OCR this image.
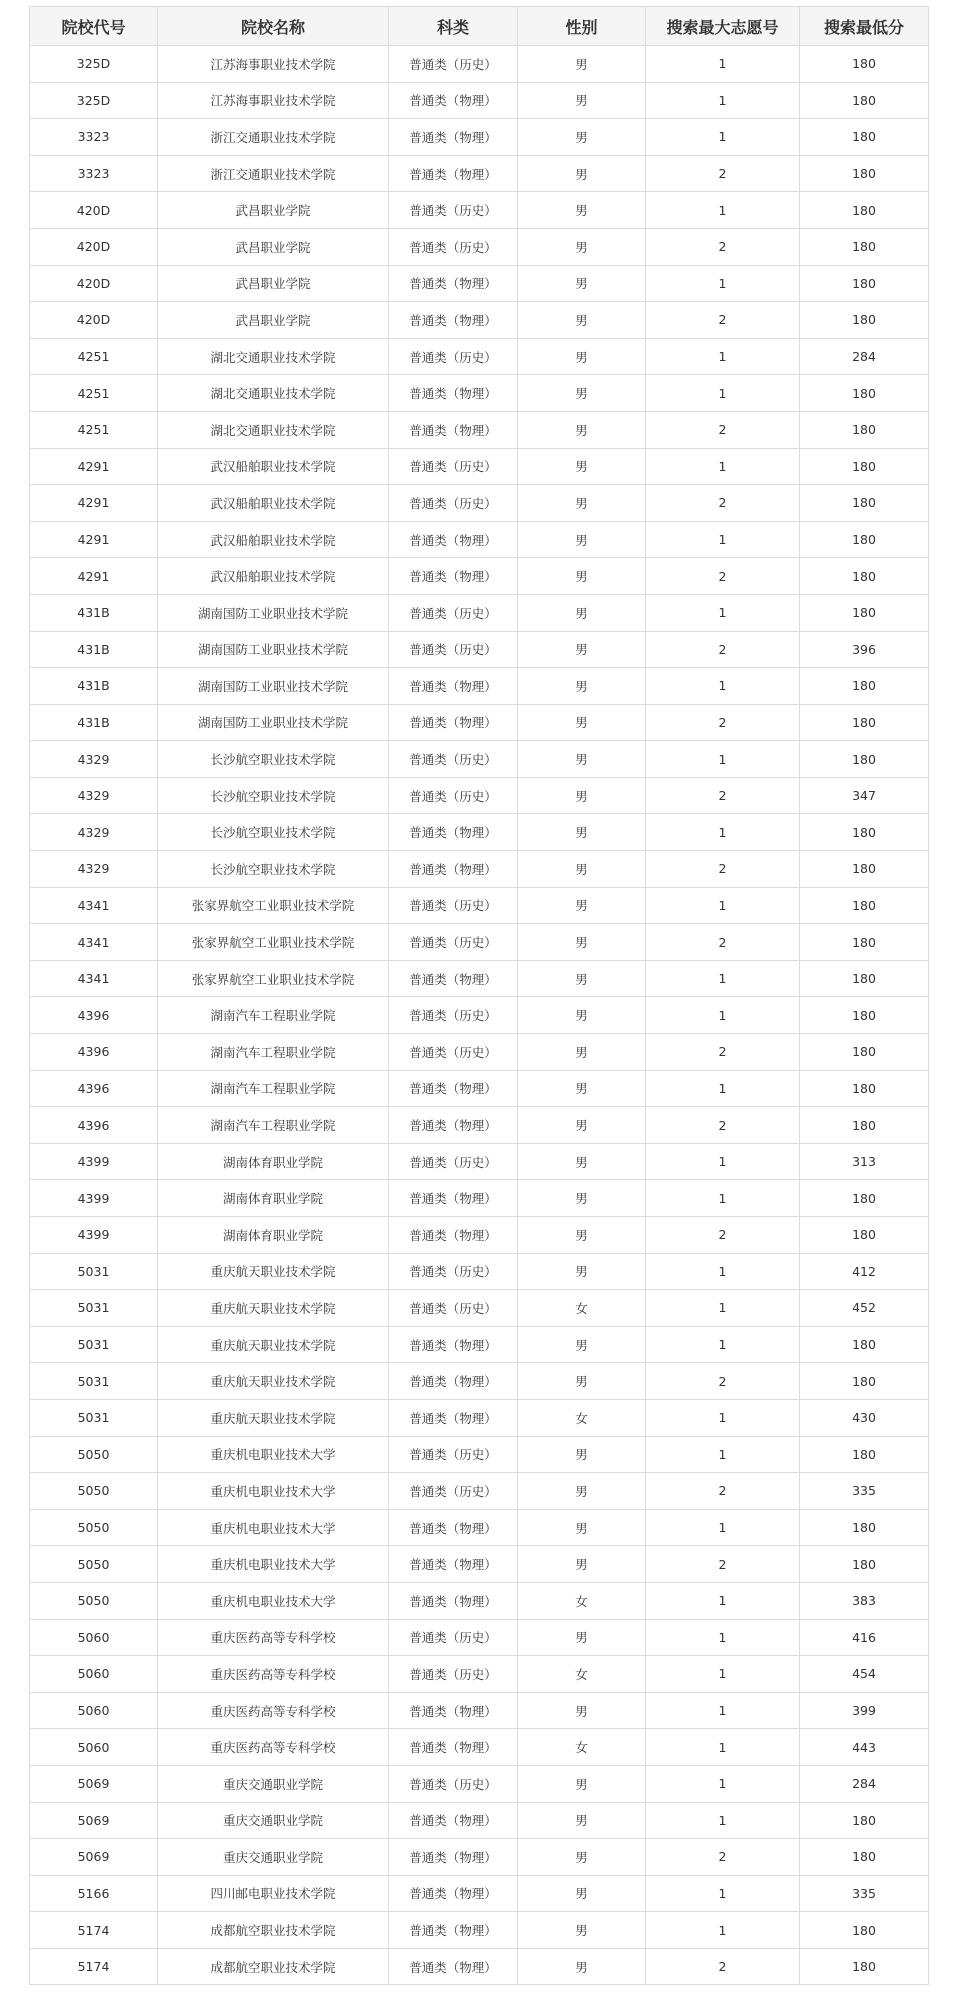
院校代号	院校名称	科类	性别	搜索最大志愿号	搜索最低分
325D	江苏海事职业技术学院	普通类（历史）	男	1	180
325D	江苏海事职业技术学院	普通类（物理）	男	1	180
3323	浙江交通职业技术学院	普通类（物理）	男	1	180
3323	浙江交通职业技术学院	普通类（物理）	男	2	180
420D	武昌职业学院	普通类（历史）	男	1	180
420D	武昌职业学院	普通类（历史）	男	2	180
420D	武昌职业学院	普通类（物理）	男	1	180
420D	武昌职业学院	普通类（物理）	男	2	180
4251	湖北交通职业技术学院	普通类（历史）	男	1	284
4251	湖北交通职业技术学院	普通类（物理）	男	1	180
4251	湖北交通职业技术学院	普通类（物理）	男	2	180
4291	武汉船舶职业技术学院	普通类（历史）	男	1	180
4291	武汉船舶职业技术学院	普通类（历史）	男	2	180
4291	武汉船舶职业技术学院	普通类（物理）	男	1	180
4291	武汉船舶职业技术学院	普通类（物理）	男	2	180
431B	湖南国防工业职业技术学院	普通类（历史）	男	1	180
431B	湖南国防工业职业技术学院	普通类（历史）	男	2	396
431B	湖南国防工业职业技术学院	普通类（物理）	男	1	180
431B	湖南国防工业职业技术学院	普通类（物理）	男	2	180
4329	长沙航空职业技术学院	普通类（历史）	男	1	180
4329	长沙航空职业技术学院	普通类（历史）	男	2	347
4329	长沙航空职业技术学院	普通类（物理）	男	1	180
4329	长沙航空职业技术学院	普通类（物理）	男	2	180
4341	张家界航空工业职业技术学院	普通类（历史）	男	1	180
4341	张家界航空工业职业技术学院	普通类（历史）	男	2	180
4341	张家界航空工业职业技术学院	普通类（物理）	男	1	180
4396	湖南汽车工程职业学院	普通类（历史）	男	1	180
4396	湖南汽车工程职业学院	普通类（历史）	男	2	180
4396	湖南汽车工程职业学院	普通类（物理）	男	1	180
4396	湖南汽车工程职业学院	普通类（物理）	男	2	180
4399	湖南体育职业学院	普通类（历史）	男	1	313
4399	湖南体育职业学院	普通类（物理）	男	1	180
4399	湖南体育职业学院	普通类（物理）	男	2	180
5031	重庆航天职业技术学院	普通类（历史）	男	1	412
5031	重庆航天职业技术学院	普通类（历史）	女	1	452
5031	重庆航天职业技术学院	普通类（物理）	男	1	180
5031	重庆航天职业技术学院	普通类（物理）	男	2	180
5031	重庆航天职业技术学院	普通类（物理）	女	1	430
5050	重庆机电职业技术大学	普通类（历史）	男	1	180
5050	重庆机电职业技术大学	普通类（历史）	男	2	335
5050	重庆机电职业技术大学	普通类（物理）	男	1	180
5050	重庆机电职业技术大学	普通类（物理）	男	2	180
5050	重庆机电职业技术大学	普通类（物理）	女	1	383
5060	重庆医药高等专科学校	普通类（历史）	男	1	416
5060	重庆医药高等专科学校	普通类（历史）	女	1	454
5060	重庆医药高等专科学校	普通类（物理）	男	1	399
5060	重庆医药高等专科学校	普通类（物理）	女	1	443
5069	重庆交通职业学院	普通类（历史）	男	1	284
5069	重庆交通职业学院	普通类（物理）	男	1	180
5069	重庆交通职业学院	普通类（物理）	男	2	180
5166	四川邮电职业技术学院	普通类（物理）	男	1	335
5174	成都航空职业技术学院	普通类（物理）	男	1	180
5174	成都航空职业技术学院	普通类（物理）	男	2	180
